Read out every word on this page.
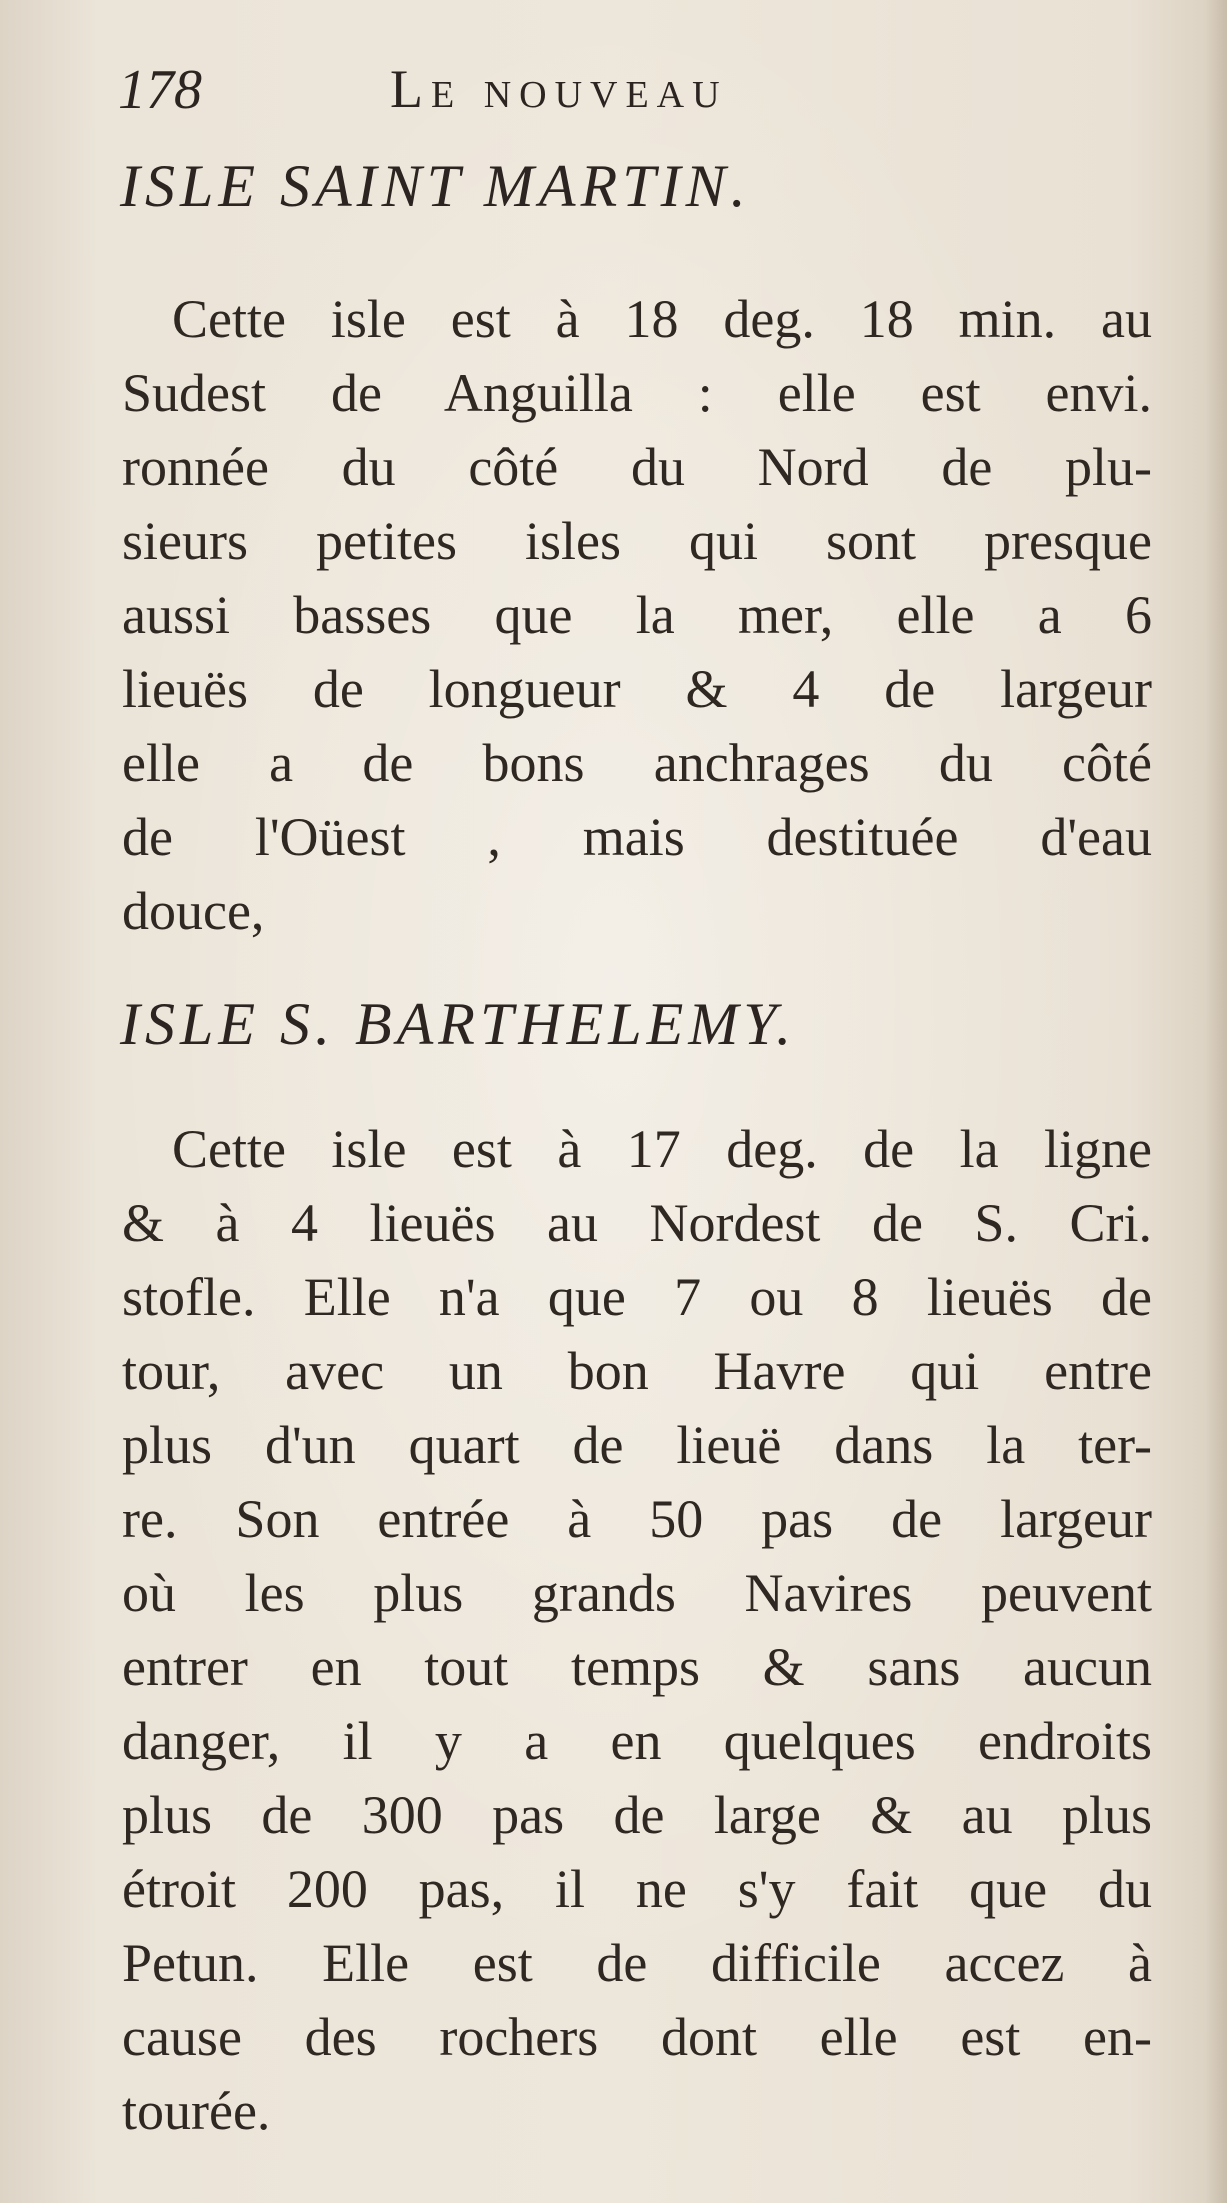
178	Le nouveau
ISLE SAINT MARTIN.
Cette isle est à 18 deg. 18 min. au
Sudest de Anguilla : elle est envi.
ronnée du côté du Nord de plu-
sieurs petites isles qui sont presque
aussi basses que la mer, elle a 6
lieuës de longueur & 4 de largeur
elle a de bons anchrages du côté
de l'Oüest , mais destituée d'eau
douce,
ISLE S. BARTHELEMY.
Cette isle est à 17 deg. de la ligne
& à 4 lieuës au Nordest de S. Cri.
stofle. Elle n'a que 7 ou 8 lieuës de
tour, avec un bon Havre qui entre
plus d'un quart de lieuë dans la ter-
re. Son entrée à 50 pas de largeur
où les plus grands Navires peuvent
entrer en tout temps & sans aucun
danger, il y a en quelques endroits
plus de 300 pas de large & au plus
étroit 200 pas, il ne s'y fait que du
Petun. Elle est de difficile accez à
cause des rochers dont elle est en-
tourée.
